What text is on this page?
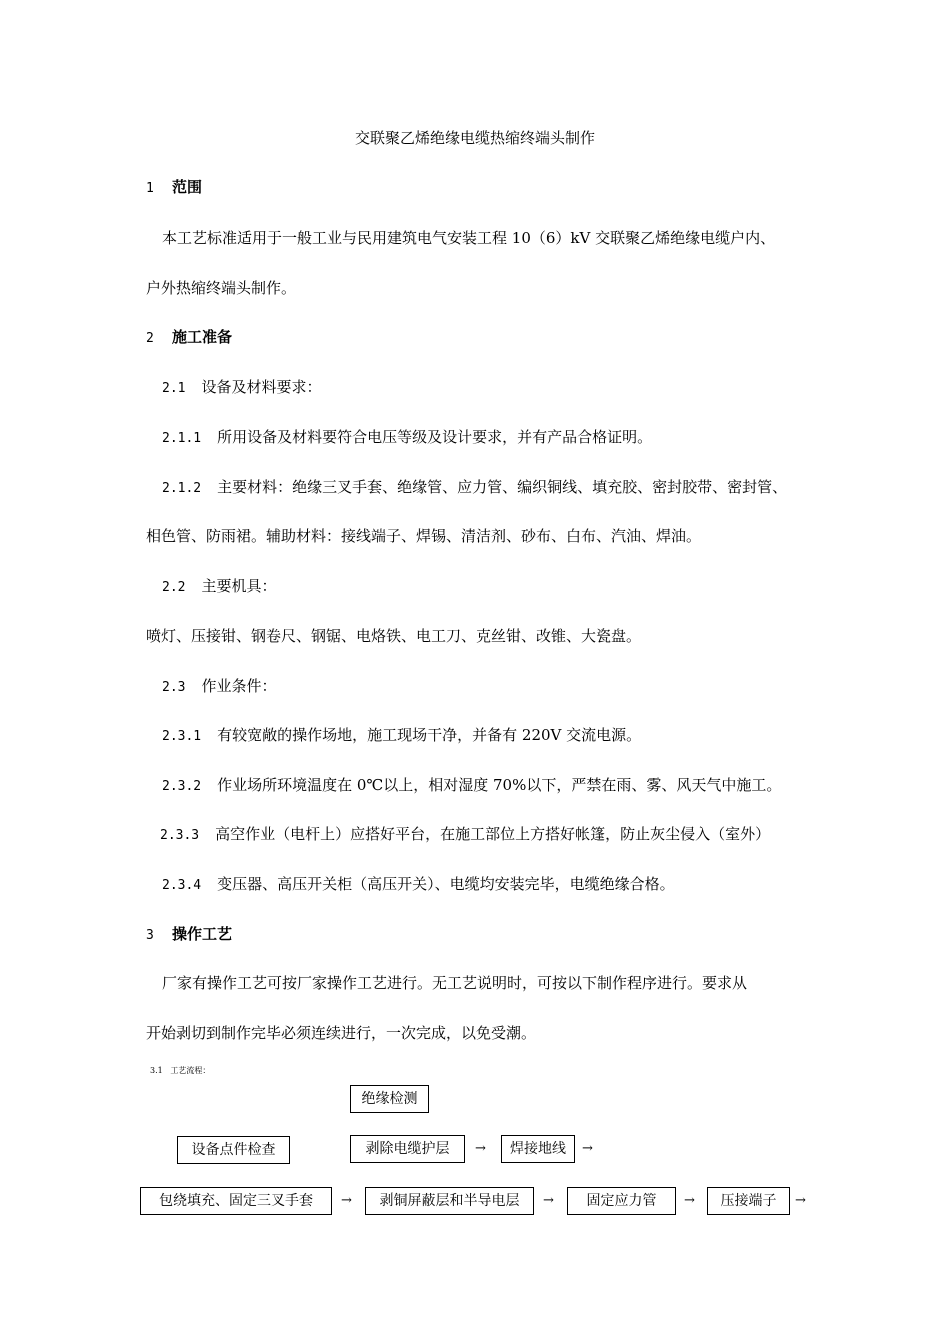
交联聚乙烯绝缘电缆热缩终端头制作
1 范围
本工艺标准适用于一般工业与民用建筑电气安装工程 10（6）kV 交联聚乙烯绝缘电缆户内、
户外热缩终端头制作。
2 施工准备
2.1 设备及材料要求：
2.1.1 所用设备及材料要符合电压等级及设计要求，并有产品合格证明。
2.1.2 主要材料：绝缘三叉手套、绝缘管、应力管、编织铜线、填充胶、密封胶带、密封管、
相色管、防雨裙。辅助材料：接线端子、焊锡、清洁剂、砂布、白布、汽油、焊油。
2.2 主要机具：
喷灯、压接钳、钢卷尺、钢锯、电烙铁、电工刀、克丝钳、改锥、大瓷盘。
2.3 作业条件：
2.3.1 有较宽敞的操作场地，施工现场干净，并备有 220V 交流电源。
2.3.2 作业场所环境温度在 0℃以上，相对湿度 70%以下，严禁在雨、雾、风天气中施工。
2.3.3 高空作业（电杆上）应搭好平台，在施工部位上方搭好帐篷，防止灰尘侵入（室外）
2.3.4 变压器、高压开关柜（高压开关）、电缆均安装完毕，电缆绝缘合格。
3 操作工艺
厂家有操作工艺可按厂家操作工艺进行。无工艺说明时，可按以下制作程序进行。要求从
开始剥切到制作完毕必须连续进行，一次完成，以免受潮。
3.1 工艺流程：
绝缘检测
设备点件检查	剥除电缆护层	→	焊接地线	→
包绕填充、固定三叉手套	→	剥铜屏蔽层和半导电层	→	固定应力管	→	压接端子	→
